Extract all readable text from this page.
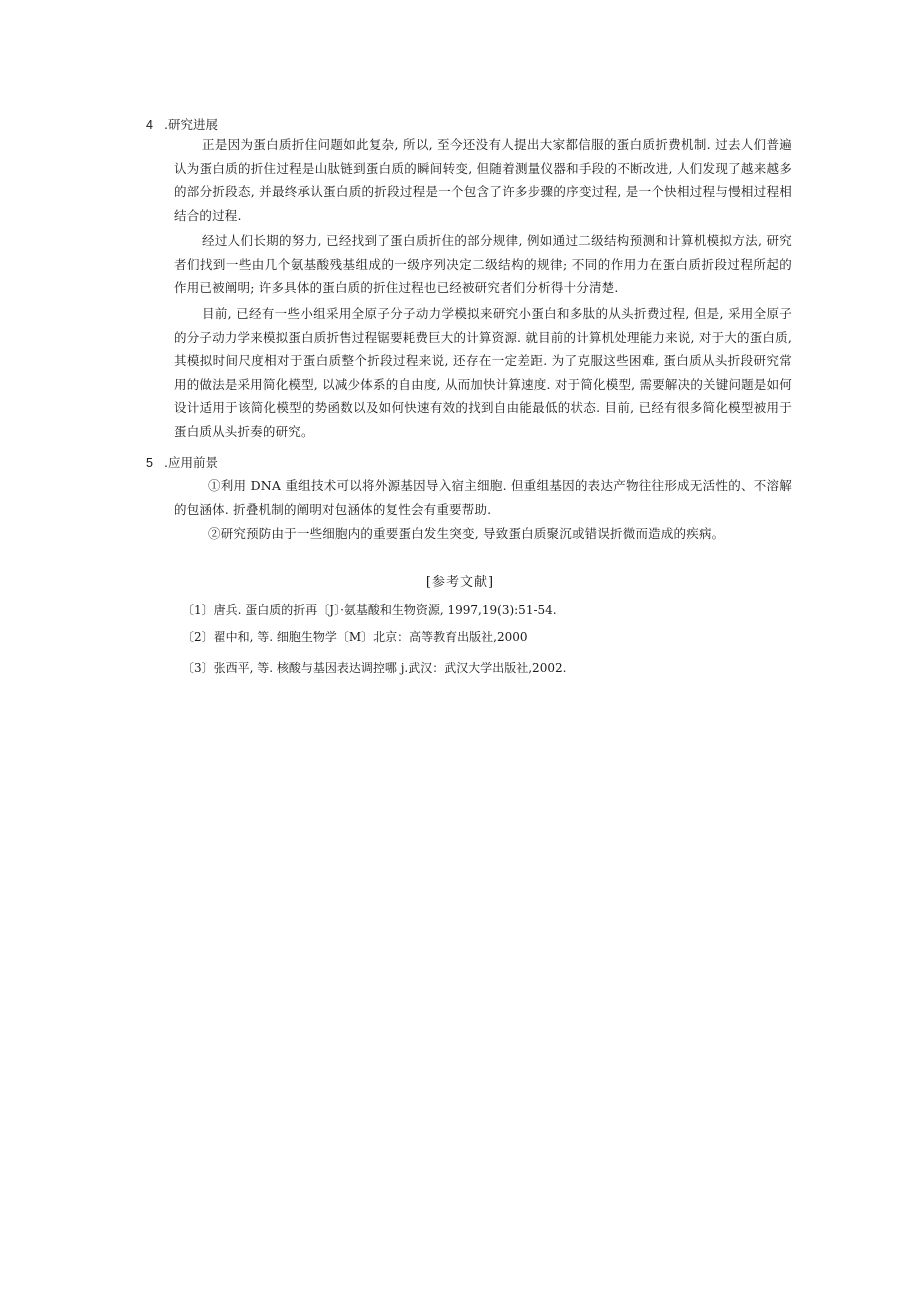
4 .研究进展

正是因为蛋白质折住问题如此复杂, 所以, 至今还没有人提出大家都信服的蛋白质折费机制. 过去人们普遍认为蛋白质的折住过程是山肽链到蛋白质的瞬间转变, 但随着测量仪器和手段的不断改进, 人们发现了越来越多的部分折段态, 并最终承认蛋白质的折段过程是一个包含了许多步骤的序变过程, 是一个快相过程与慢相过程相结合的过程.

经过人们长期的努力, 已经找到了蛋白质折住的部分规律, 例如通过二级结构预测和计算机模拟方法, 研究者们找到一些由几个氨基酸残基组成的一级序列决定二级结构的规律; 不同的作用力在蛋白质折段过程所起的作用已被阐明; 许多具体的蛋白质的折住过程也已经被研究者们分析得十分清楚.

目前, 已经有一些小组采用全原子分子动力学模拟来研究小蛋白和多肽的从头折费过程, 但是, 采用全原子的分子动力学来模拟蛋白质折售过程锯要耗费巨大的计算资源. 就目前的计算机处理能力来说, 对于大的蛋白质, 其模拟时间尺度相对于蛋白质整个折段过程来说, 还存在一定差距. 为了克服这些困难, 蛋白质从头折段研究常用的做法是采用简化模型, 以减少体系的自由度, 从而加快计算速度. 对于简化模型, 需要解决的关键问题是如何设计适用于该简化模型的势函数以及如何快速有效的找到自由能最低的状态. 目前, 已经有很多简化模型被用于蛋白质从头折奏的研究。

5 .应用前景

①利用 DNA 重组技术可以将外源基因导入宿主细胞. 但重组基因的表达产物往往形成无活性的、不溶解的包涵体. 折叠机制的阐明对包涵体的复性会有重要帮助.

②研究预防由于一些细胞内的重要蛋白发生突变, 导致蛋白质聚沉或错误折微而造成的疾病。

[参考文献]
〔1〕唐兵. 蛋白质的折再〔J〕·氨基酸和生物资源, 1997,19(3):51-54.
〔2〕翟中和, 等. 细胞生物学〔M〕北京：高等教育出版社,2000
〔3〕张西平, 等. 核酸与基因表达调控哪 j.武汉：武汉大学出版社,2002.
